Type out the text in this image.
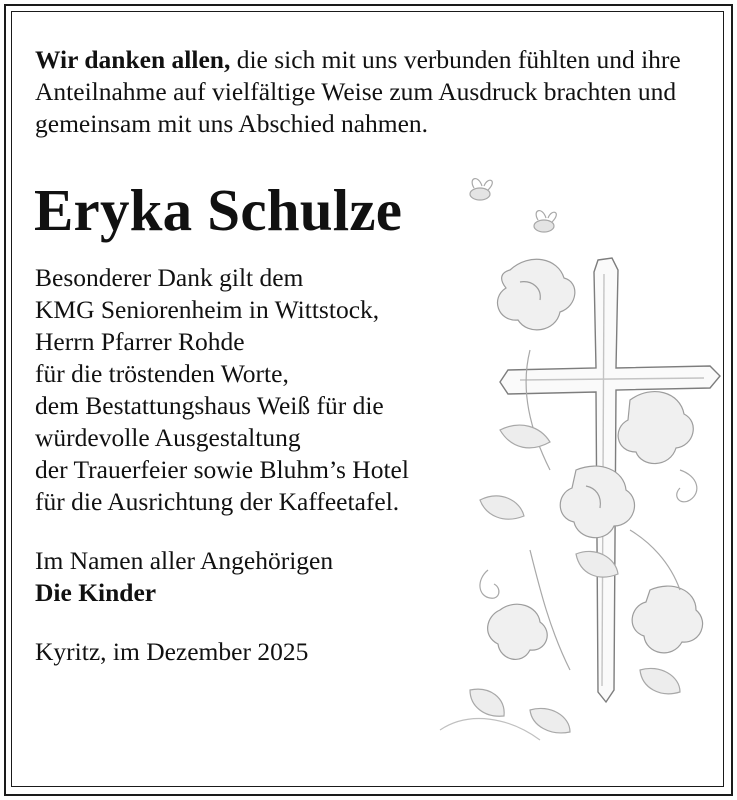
Wir danken allen, die sich mit uns verbunden fühlten und ihre Anteilnahme auf vielfältige Weise zum Ausdruck brachten und gemeinsam mit uns Abschied nahmen.

Eryka Schulze
Besonderer Dank gilt dem
KMG Seniorenheim in Wittstock,
Herrn Pfarrer Rohde
für die tröstenden Worte,
dem Bestattungshaus Weiß für die
würdevolle Ausgestaltung
der Trauerfeier sowie Bluhm’s Hotel
für die Ausrichtung der Kaffeetafel.
Im Namen aller Angehörigen
Die Kinder
Kyritz, im Dezember 2025
